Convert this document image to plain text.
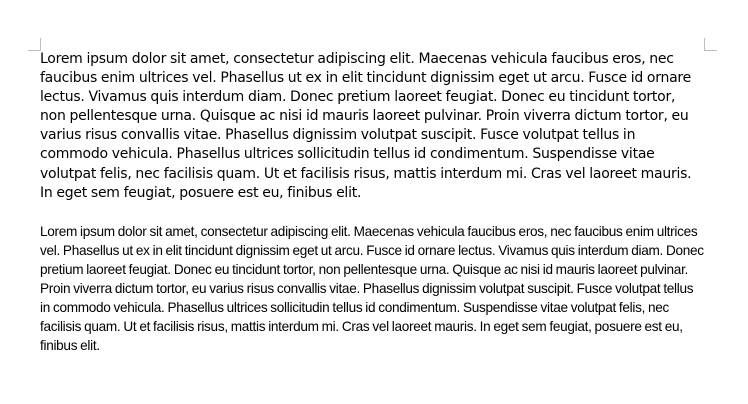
Lorem ipsum dolor sit amet, consectetur adipiscing elit. Maecenas vehicula faucibus eros, nec faucibus enim ultrices vel. Phasellus ut ex in elit tincidunt dignissim eget ut arcu. Fusce id ornare lectus. Vivamus quis interdum diam. Donec pretium laoreet feugiat. Donec eu tincidunt tortor, non pellentesque urna. Quisque ac nisi id mauris laoreet pulvinar. Proin viverra dictum tortor, eu varius risus convallis vitae. Phasellus dignissim volutpat suscipit. Fusce volutpat tellus in commodo vehicula. Phasellus ultrices sollicitudin tellus id condimentum. Suspendisse vitae volutpat felis, nec facilisis quam. Ut et facilisis risus, mattis interdum mi. Cras vel laoreet mauris. In eget sem feugiat, posuere est eu, finibus elit.

Lorem ipsum dolor sit amet, consectetur adipiscing elit. Maecenas vehicula faucibus eros, nec faucibus enim ultrices vel. Phasellus ut ex in elit tincidunt dignissim eget ut arcu. Fusce id ornare lectus. Vivamus quis interdum diam. Donec pretium laoreet feugiat. Donec eu tincidunt tortor, non pellentesque urna. Quisque ac nisi id mauris laoreet pulvinar. Proin viverra dictum tortor, eu varius risus convallis vitae. Phasellus dignissim volutpat suscipit. Fusce volutpat tellus in commodo vehicula. Phasellus ultrices sollicitudin tellus id condimentum. Suspendisse vitae volutpat felis, nec facilisis quam. Ut et facilisis risus, mattis interdum mi. Cras vel laoreet mauris. In eget sem feugiat, posuere est eu, finibus elit.
